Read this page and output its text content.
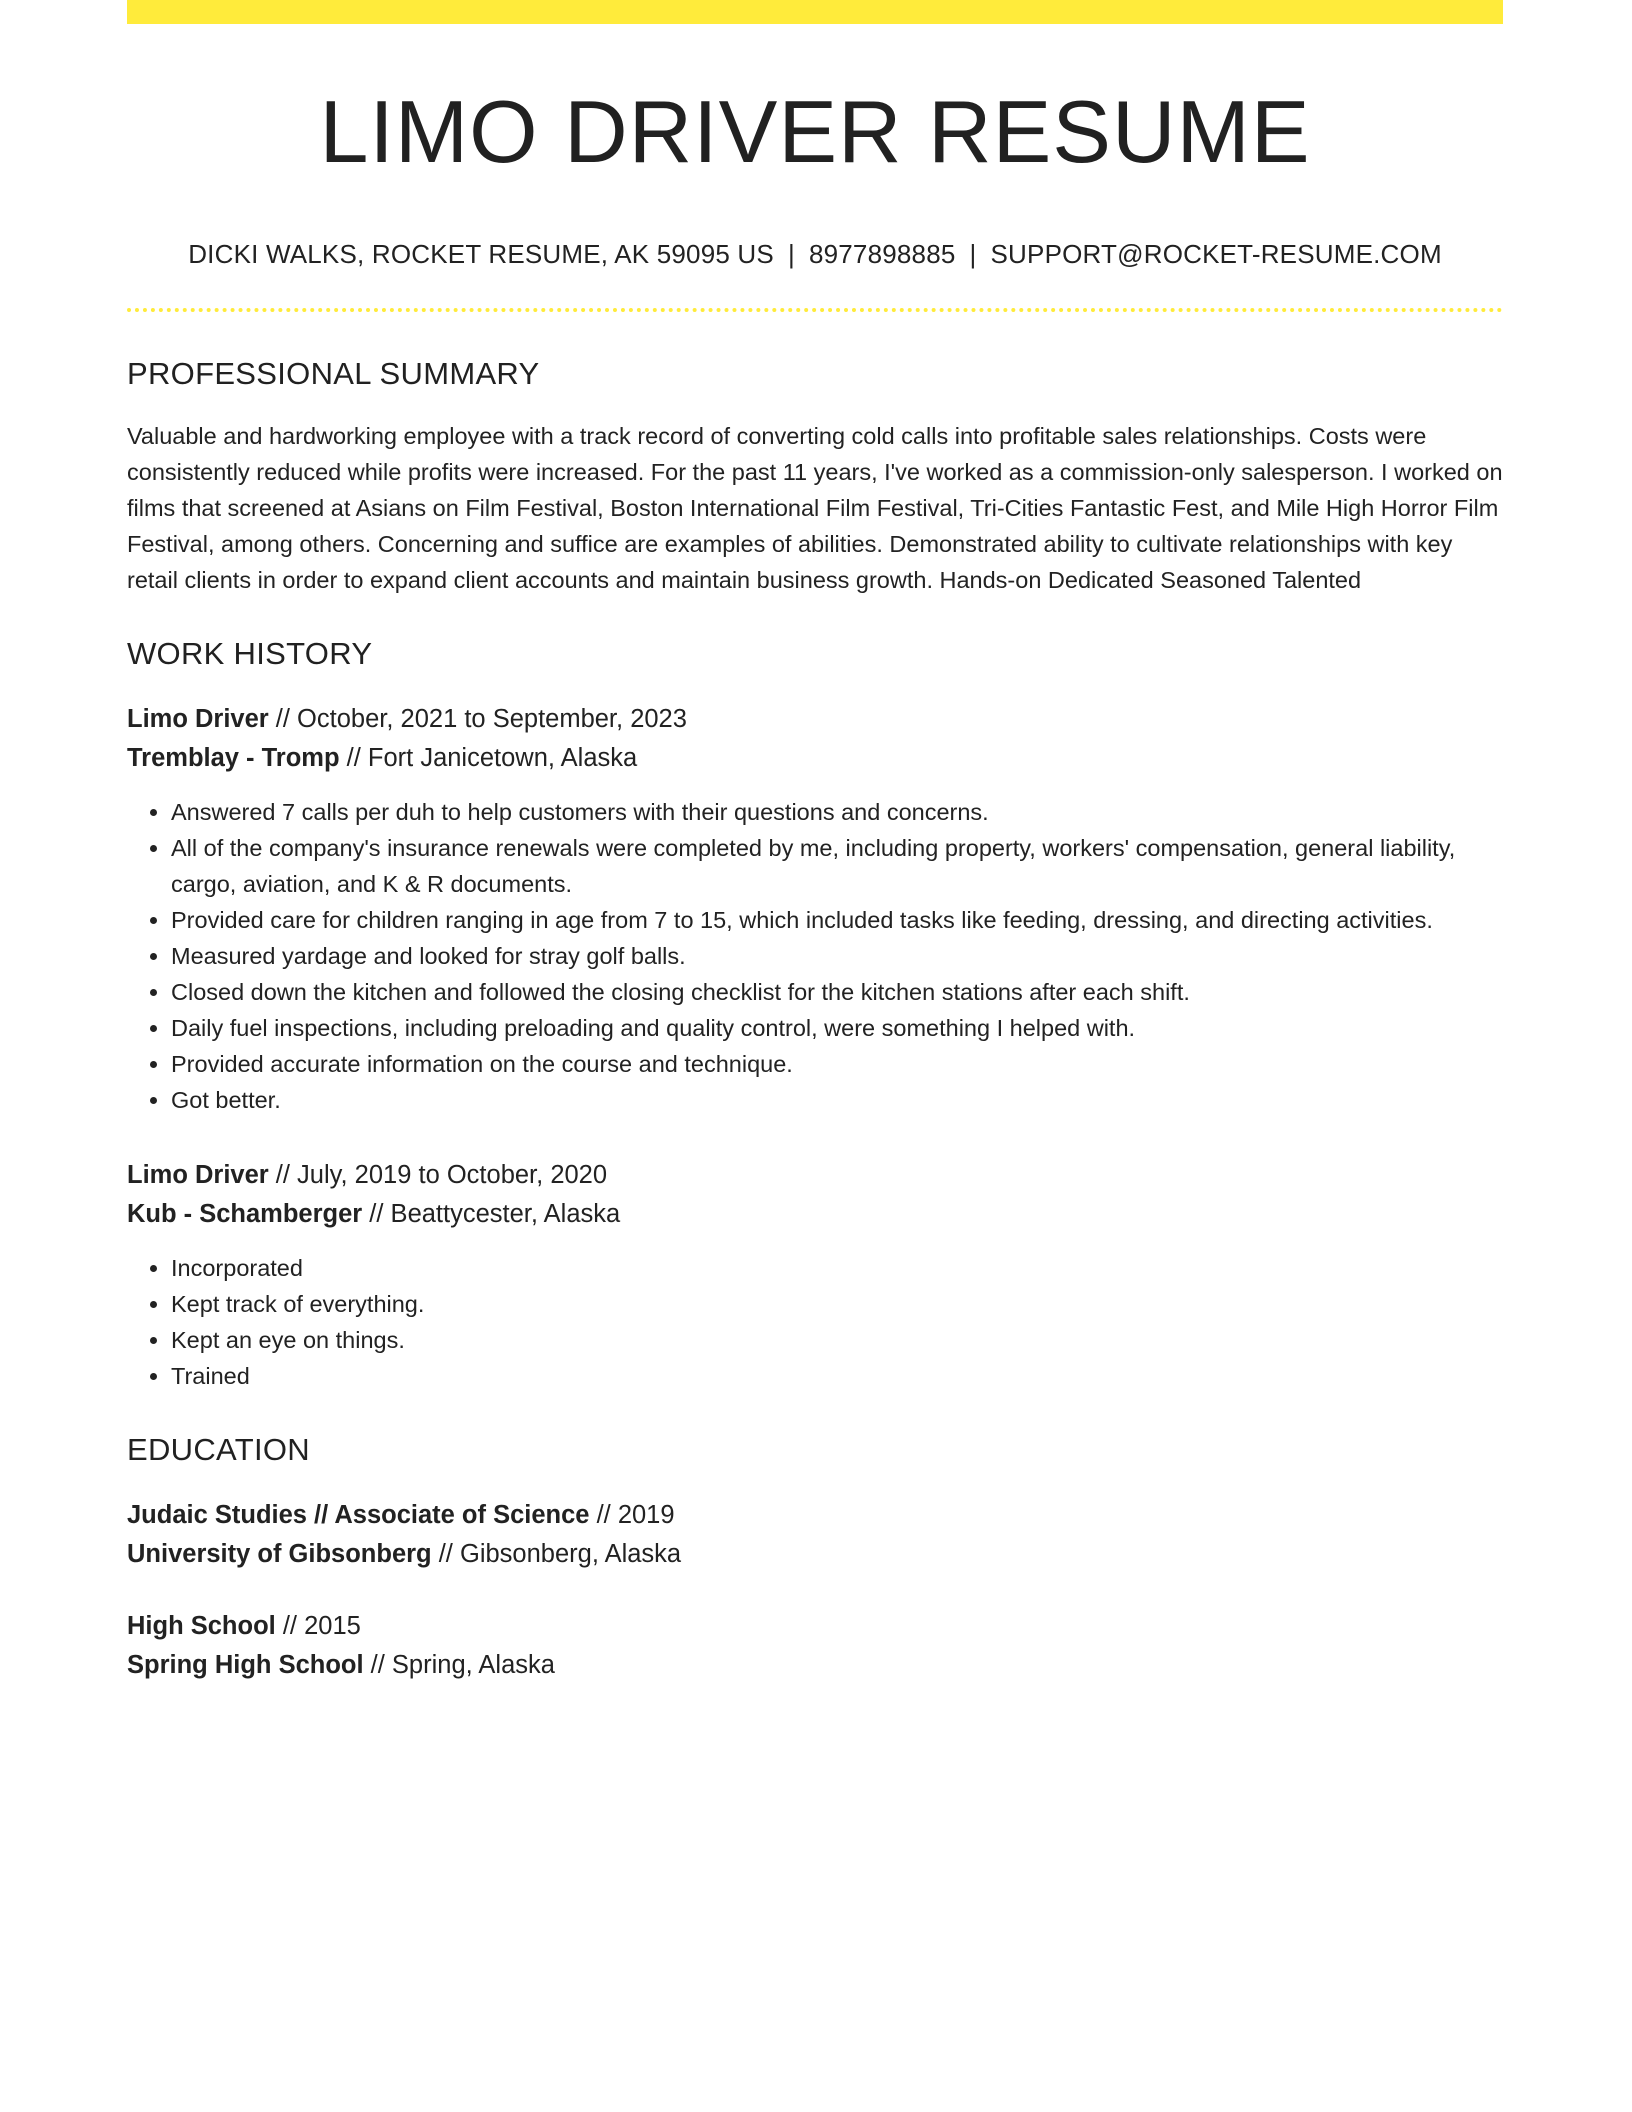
LIMO DRIVER RESUME
DICKI WALKS, ROCKET RESUME, AK 59095 US | 8977898885 | SUPPORT@ROCKET-RESUME.COM
PROFESSIONAL SUMMARY

Valuable and hardworking employee with a track record of converting cold calls into profitable sales relationships. Costs were consistently reduced while profits were increased. For the past 11 years, I've worked as a commission-only salesperson. I worked on films that screened at Asians on Film Festival, Boston International Film Festival, Tri-Cities Fantastic Fest, and Mile High Horror Film Festival, among others. Concerning and suffice are examples of abilities. Demonstrated ability to cultivate relationships with key retail clients in order to expand client accounts and maintain business growth. Hands-on Dedicated Seasoned Talented

WORK HISTORY
Limo Driver // October, 2021 to September, 2023
Tremblay - Tromp // Fort Janicetown, Alaska
• Answered 7 calls per duh to help customers with their questions and concerns.
• All of the company's insurance renewals were completed by me, including property, workers' compensation, general liability, cargo, aviation, and K & R documents.
• Provided care for children ranging in age from 7 to 15, which included tasks like feeding, dressing, and directing activities.
• Measured yardage and looked for stray golf balls.
• Closed down the kitchen and followed the closing checklist for the kitchen stations after each shift.
• Daily fuel inspections, including preloading and quality control, were something I helped with.
• Provided accurate information on the course and technique.
• Got better.
Limo Driver // July, 2019 to October, 2020
Kub - Schamberger // Beattycester, Alaska
• Incorporated
• Kept track of everything.
• Kept an eye on things.
• Trained
EDUCATION
Judaic Studies // Associate of Science // 2019
University of Gibsonberg // Gibsonberg, Alaska
High School // 2015
Spring High School // Spring, Alaska
